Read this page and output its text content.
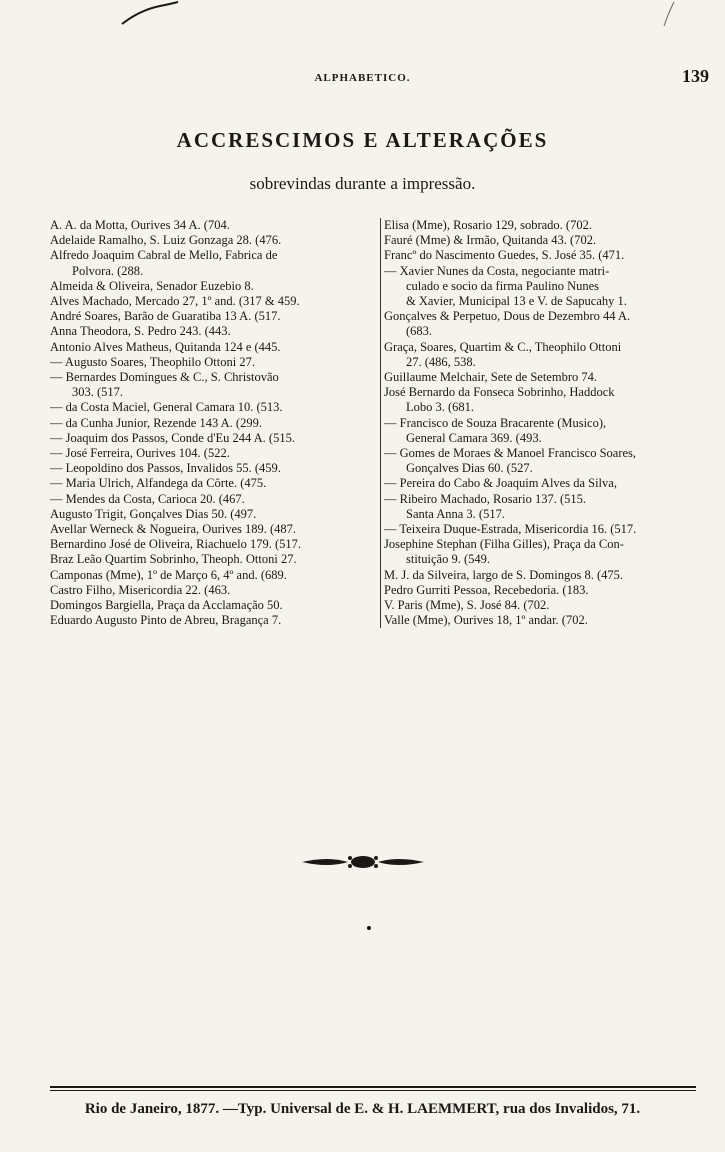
ALPHABETICO.	139
ACCRESCIMOS E ALTERAÇÕES
sobrevindas durante a impressão.
A. A. da Motta, Ourives 34 A. (704.
Adelaide Ramalho, S. Luiz Gonzaga 28. (476.
Alfredo Joaquim Cabral de Mello, Fabrica de
Polvora. (288.
Almeida & Oliveira, Senador Euzebio 8.
Alves Machado, Mercado 27, 1º and. (317 & 459.
André Soares, Barão de Guaratiba 13 A. (517.
Anna Theodora, S. Pedro 243. (443.
Antonio Alves Matheus, Quitanda 124 e (445.
— Augusto Soares, Theophilo Ottoni 27.
— Bernardes Domingues & C., S. Christovão
303. (517.
— da Costa Maciel, General Camara 10. (513.
— da Cunha Junior, Rezende 143 A. (299.
— Joaquim dos Passos, Conde d'Eu 244 A. (515.
— José Ferreira, Ourives 104. (522.
— Leopoldino dos Passos, Invalidos 55. (459.
— Maria Ulrich, Alfandega da Côrte. (475.
— Mendes da Costa, Carioca 20. (467.
Augusto Trigit, Gonçalves Dias 50. (497.
Avellar Werneck & Nogueira, Ourives 189. (487.
Bernardino José de Oliveira, Riachuelo 179. (517.
Braz Leão Quartim Sobrinho, Theoph. Ottoni 27.
Camponas (Mme), 1º de Março 6, 4º and. (689.
Castro Filho, Misericordia 22. (463.
Domingos Bargiella, Praça da Acclamação 50.
Eduardo Augusto Pinto de Abreu, Bragança 7.
Elisa (Mme), Rosario 129, sobrado. (702.
Fauré (Mme) & Irmão, Quitanda 43. (702.
Francº do Nascimento Guedes, S. José 35. (471.
— Xavier Nunes da Costa, negociante matri-
culado e socio da firma Paulino Nunes
& Xavier, Municipal 13 e V. de Sapucahy 1.
Gonçalves & Perpetuo, Dous de Dezembro 44 A.
(683.
Graça, Soares, Quartim & C., Theophilo Ottoni
27. (486, 538.
Guillaume Melchair, Sete de Setembro 74.
José Bernardo da Fonseca Sobrinho, Haddock
Lobo 3. (681.
— Francisco de Souza Bracarente (Musico),
General Camara 369. (493.
— Gomes de Moraes & Manoel Francisco Soares,
Gonçalves Dias 60. (527.
— Pereira do Cabo & Joaquim Alves da Silva,
— Ribeiro Machado, Rosario 137. (515.
Santa Anna 3. (517.
— Teixeira Duque-Estrada, Misericordia 16. (517.
Josephine Stephan (Filha Gilles), Praça da Con-
stituição 9. (549.
M. J. da Silveira, largo de S. Domingos 8. (475.
Pedro Gurriti Pessoa, Recebedoria. (183.
V. Paris (Mme), S. José 84. (702.
Valle (Mme), Ourives 18, 1º andar. (702.
Rio de Janeiro, 1877. —Typ. Universal de E. & H. LAEMMERT, rua dos Invalidos, 71.
